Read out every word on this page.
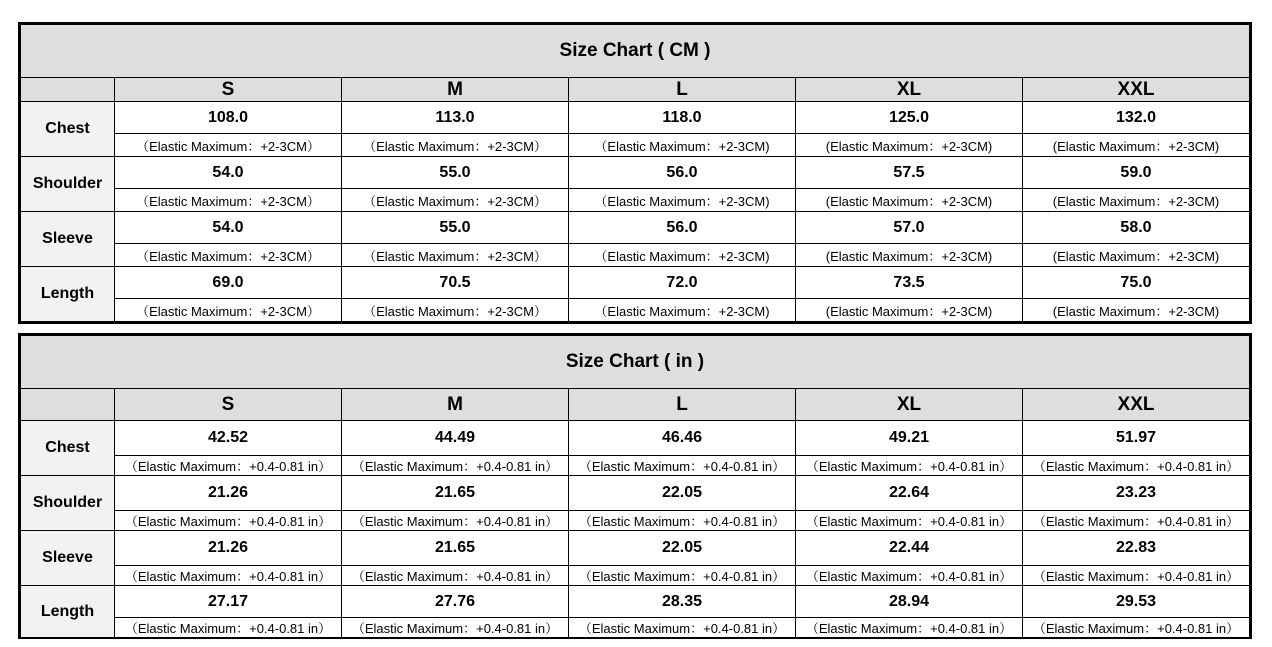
Size Chart ( CM )					
	S	M	L	XL	XXL
Chest	108.0	113.0	118.0	125.0	132.0
	（Elastic Maximum：+2-3CM）	（Elastic Maximum：+2-3CM）	（Elastic Maximum：+2-3CM)	(Elastic Maximum：+2-3CM)	(Elastic Maximum：+2-3CM)
Shoulder	54.0	55.0	56.0	57.5	59.0
	（Elastic Maximum：+2-3CM）	（Elastic Maximum：+2-3CM）	（Elastic Maximum：+2-3CM)	(Elastic Maximum：+2-3CM)	(Elastic Maximum：+2-3CM)
Sleeve	54.0	55.0	56.0	57.0	58.0
	（Elastic Maximum：+2-3CM）	（Elastic Maximum：+2-3CM）	（Elastic Maximum：+2-3CM)	(Elastic Maximum：+2-3CM)	(Elastic Maximum：+2-3CM)
Length	69.0	70.5	72.0	73.5	75.0
	（Elastic Maximum：+2-3CM）	（Elastic Maximum：+2-3CM）	（Elastic Maximum：+2-3CM)	(Elastic Maximum：+2-3CM)	(Elastic Maximum：+2-3CM)
Size Chart ( in )					
	S	M	L	XL	XXL
Chest	42.52	44.49	46.46	49.21	51.97
	（Elastic Maximum：+0.4-0.81 in）	（Elastic Maximum：+0.4-0.81 in）	（Elastic Maximum：+0.4-0.81 in）	（Elastic Maximum：+0.4-0.81 in）	（Elastic Maximum：+0.4-0.81 in）
Shoulder	21.26	21.65	22.05	22.64	23.23
	（Elastic Maximum：+0.4-0.81 in）	（Elastic Maximum：+0.4-0.81 in）	（Elastic Maximum：+0.4-0.81 in）	（Elastic Maximum：+0.4-0.81 in）	（Elastic Maximum：+0.4-0.81 in）
Sleeve	21.26	21.65	22.05	22.44	22.83
	（Elastic Maximum：+0.4-0.81 in）	（Elastic Maximum：+0.4-0.81 in）	（Elastic Maximum：+0.4-0.81 in）	（Elastic Maximum：+0.4-0.81 in）	（Elastic Maximum：+0.4-0.81 in）
Length	27.17	27.76	28.35	28.94	29.53
	（Elastic Maximum：+0.4-0.81 in）	（Elastic Maximum：+0.4-0.81 in）	（Elastic Maximum：+0.4-0.81 in）	（Elastic Maximum：+0.4-0.81 in）	（Elastic Maximum：+0.4-0.81 in）
